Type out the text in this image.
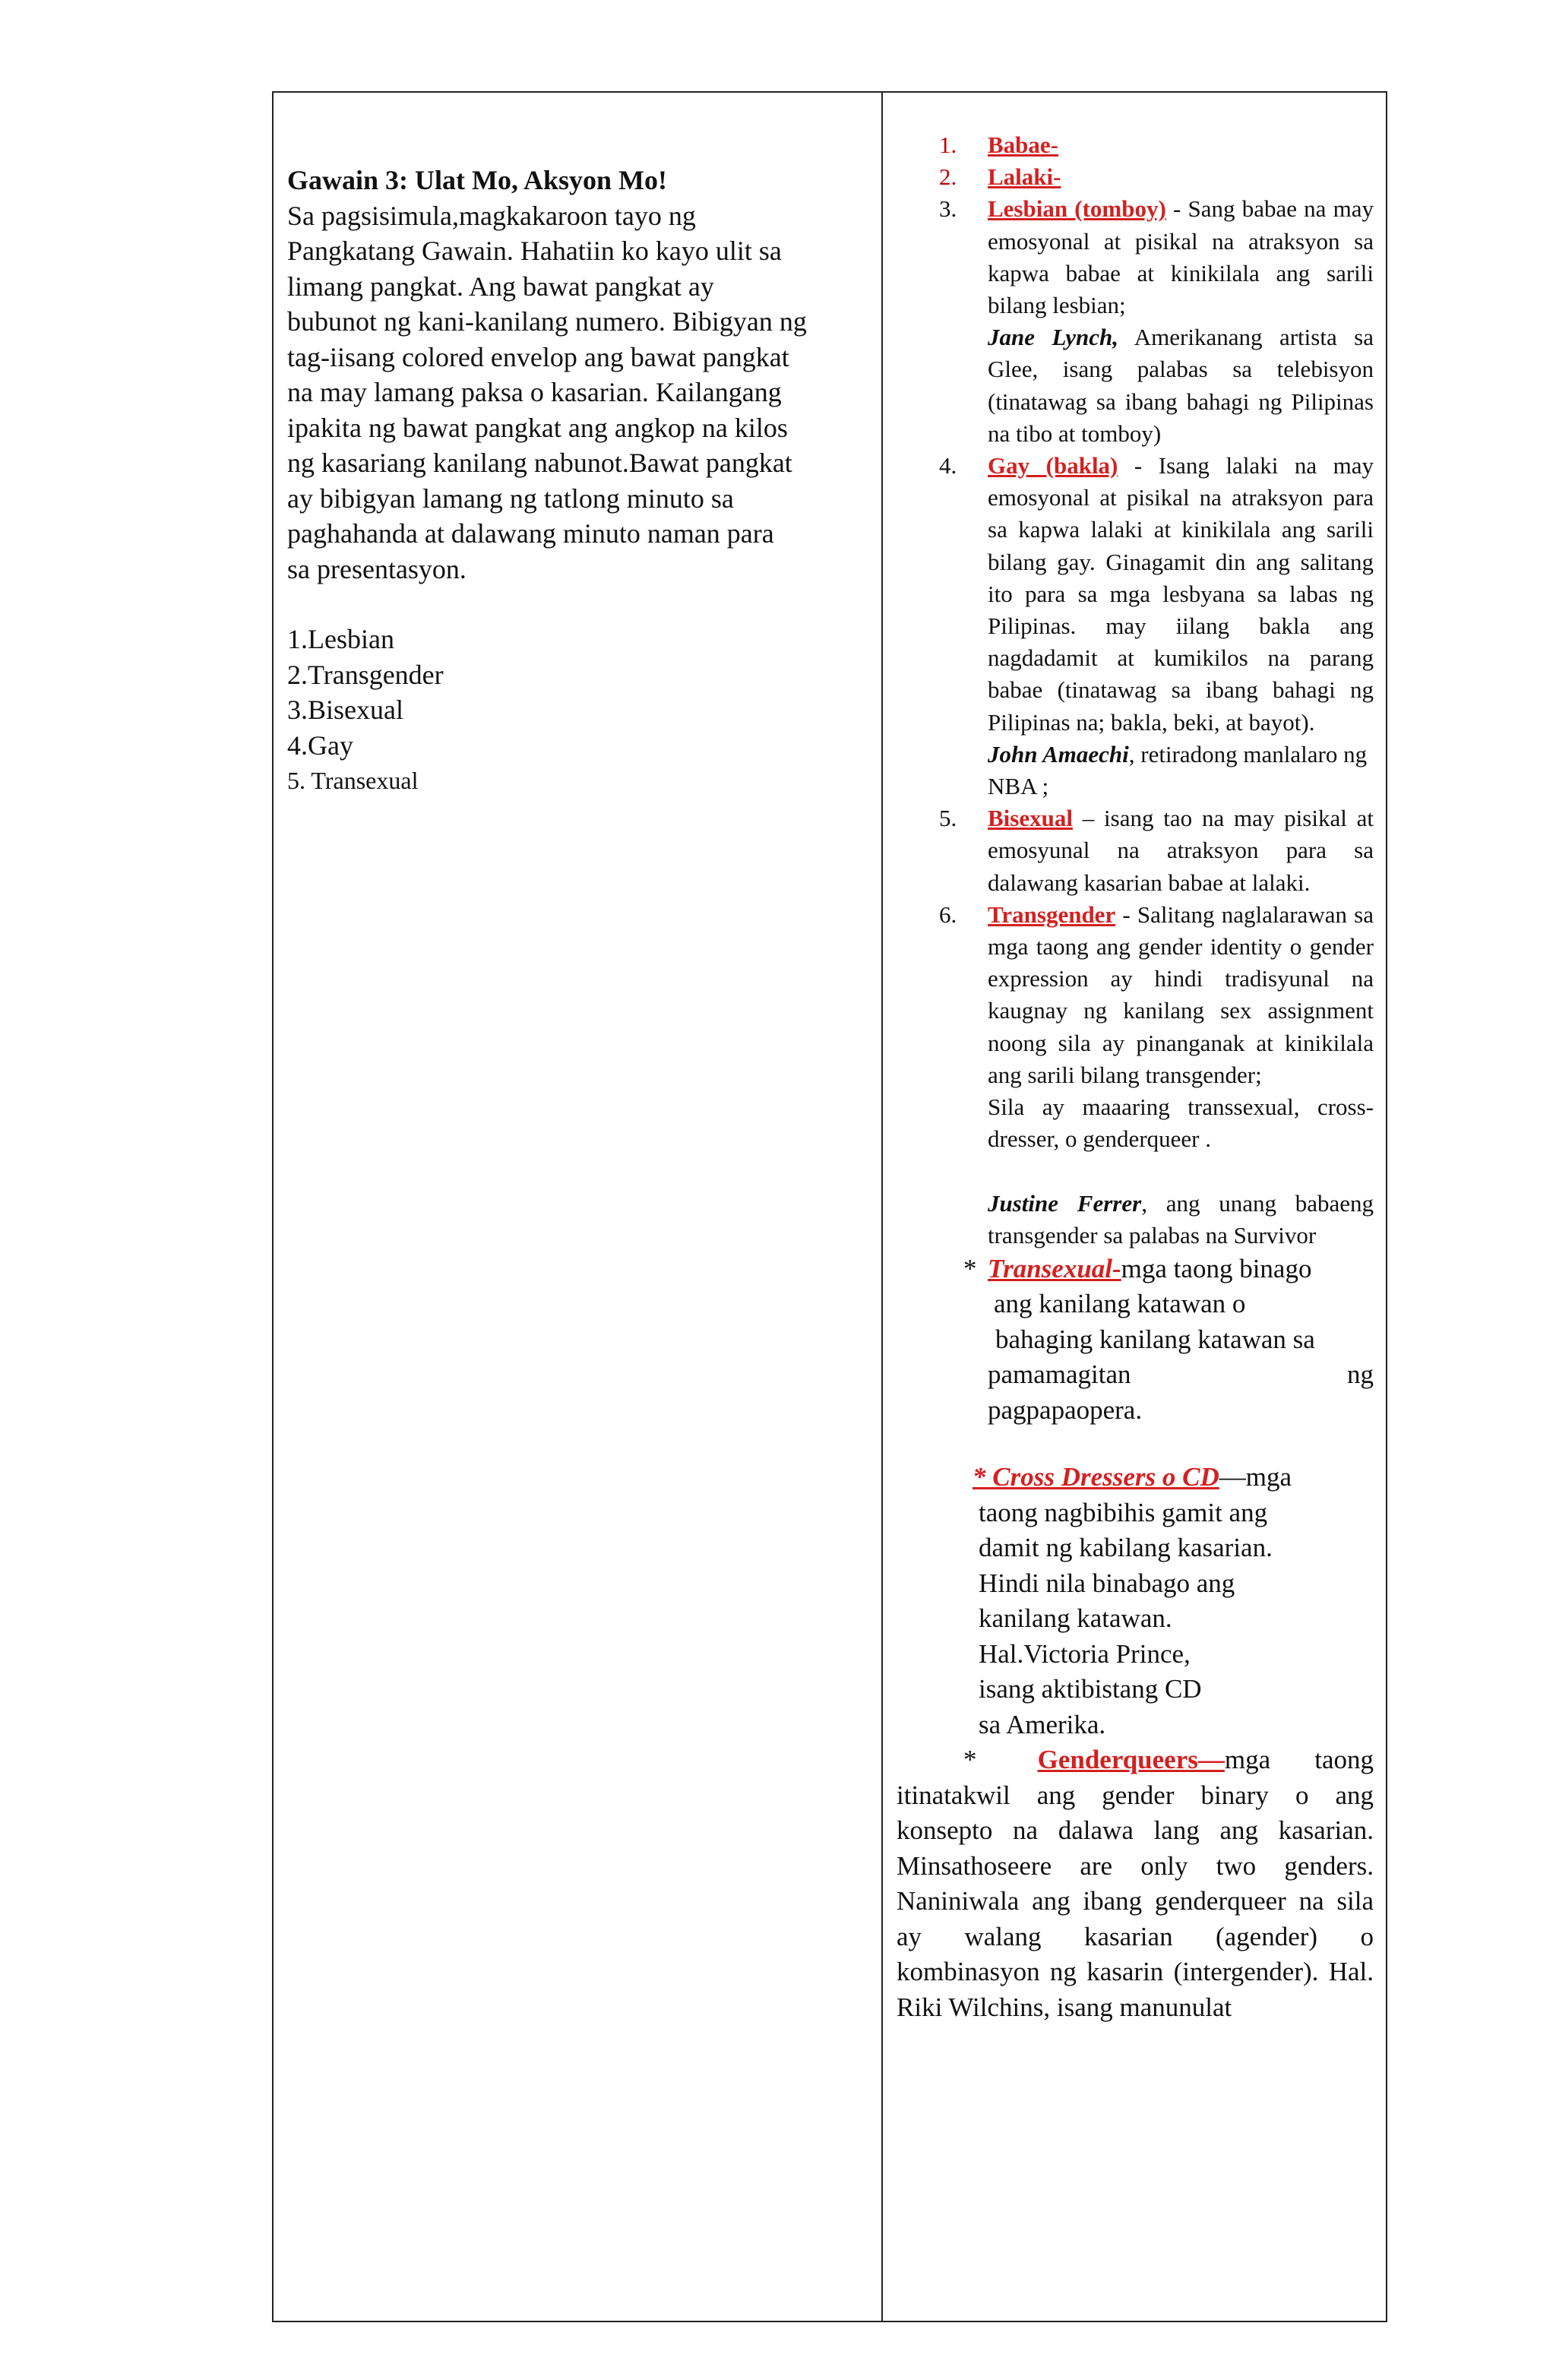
Gawain 3: Ulat Mo, Aksyon Mo!

Sa pagsisimula,magkakaroon tayo ng

Pangkatang Gawain. Hahatiin ko kayo ulit sa

limang pangkat. Ang bawat pangkat ay

bubunot ng kani-kanilang numero. Bibigyan ng

tag-iisang colored envelop ang bawat pangkat

na may lamang paksa o kasarian. Kailangang

ipakita ng bawat pangkat ang angkop na kilos

ng kasariang kanilang nabunot.Bawat pangkat

ay bibigyan lamang ng tatlong minuto sa

paghahanda at dalawang minuto naman para

sa presentasyon.

1.Lesbian

2.Transgender

3.Bisexual

4.Gay

5. Transexual

1. Babae-
2. Lalaki-
3. Lesbian (tomboy) - Sang babae na may emosyonal at pisikal na atraksyon sa kapwa babae at kinikilala ang sarili bilang lesbian;
Jane Lynch, Amerikanang artista sa Glee, isang palabas sa telebisyon (tinatawag sa ibang bahagi ng Pilipinas na tibo at tomboy)
4. Gay (bakla) - Isang lalaki na may emosyonal at pisikal na atraksyon para sa kapwa lalaki at kinikilala ang sarili bilang gay. Ginagamit din ang salitang ito para sa mga lesbyana sa labas ng Pilipinas. may iilang bakla ang nagdadamit at kumikilos na parang babae (tinatawag sa ibang bahagi ng Pilipinas na; bakla, beki, at bayot).
John Amaechi, retiradong manlalaro ng NBA ;
5. Bisexual – isang tao na may pisikal at emosyunal na atraksyon para sa dalawang kasarian babae at lalaki.
6. Transgender - Salitang naglalarawan sa mga taong ang gender identity o gender expression ay hindi tradisyunal na kaugnay ng kanilang sex assignment noong sila ay pinanganak at kinikilala ang sarili bilang transgender;
Sila ay maaaring transsexual, cross-dresser, o genderqueer .
Justine Ferrer, ang unang babaeng transgender sa palabas na Survivor
* Transexual-mga taong binago
ang kanilang katawan o
bahaging kanilang katawan sa
pamamagitan	ng
pagpapaopera.
* Cross Dressers o CD—mga
taong nagbibihis gamit ang
damit ng kabilang kasarian.
Hindi nila binabago ang
kanilang katawan.
Hal.Victoria Prince,
isang aktibistang CD
sa Amerika.
* Genderqueers—mga taong itinatakwil ang gender binary o ang konsepto na dalawa lang ang kasarian. Minsathoseere are only two genders. Naniniwala ang ibang genderqueer na sila ay walang kasarian (agender) o kombinasyon ng kasarin (intergender). Hal. Riki Wilchins, isang manunulat
